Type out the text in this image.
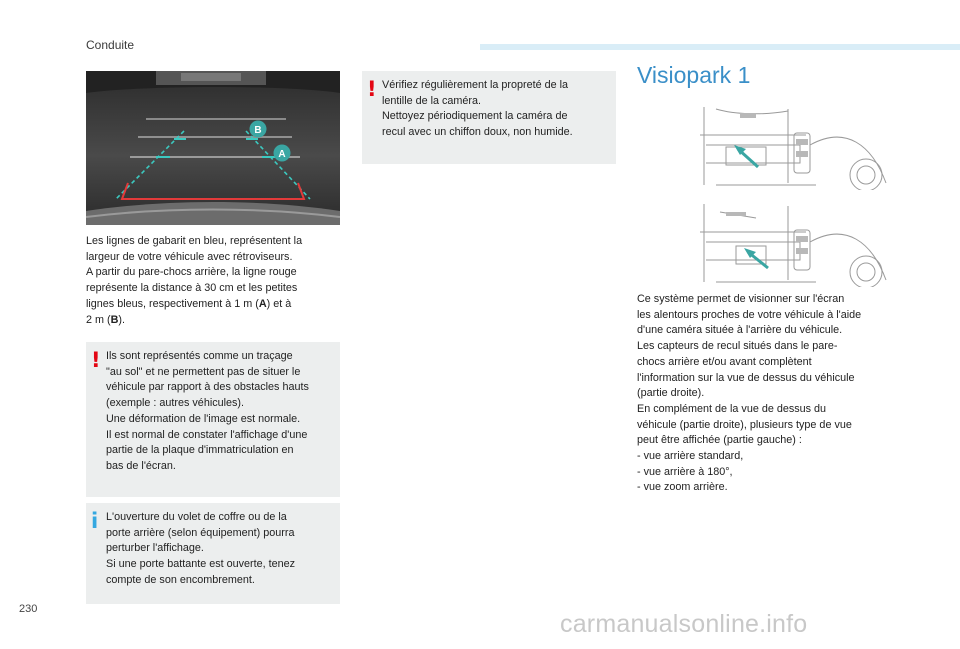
Conduite
B
A

Les lignes de gabarit en bleu, représentent la
largeur de votre véhicule avec rétroviseurs.
A partir du pare-chocs arrière, la ligne rouge
représente la distance à 30 cm et les petites
lignes bleus, respectivement à 1 m (A) et à
2 m (B).

! Ils sont représentés comme un traçage
"au sol" et ne permettent pas de situer le
véhicule par rapport à des obstacles hauts
(exemple : autres véhicules).
Une déformation de l'image est normale.
Il est normal de constater l'affichage d'une
partie de la plaque d'immatriculation en
bas de l'écran.
i L'ouverture du volet de coffre ou de la
porte arrière (selon équipement) pourra
perturber l'affichage.
Si une porte battante est ouverte, tenez
compte de son encombrement.
! Vérifiez régulièrement la propreté de la
lentille de la caméra.
Nettoyez périodiquement la caméra de
recul avec un chiffon doux, non humide.
Visiopark 1

Ce système permet de visionner sur l'écran
les alentours proches de votre véhicule à l'aide
d'une caméra située à l'arrière du véhicule.
Les capteurs de recul situés dans le pare-
chocs arrière et/ou avant complètent
l'information sur la vue de dessus du véhicule
(partie droite).
En complément de la vue de dessus du
véhicule (partie droite), plusieurs type de vue
peut être affichée (partie gauche) :
- vue arrière standard,
- vue arrière à 180°,
- vue zoom arrière.

230
carmanualsonline.info
